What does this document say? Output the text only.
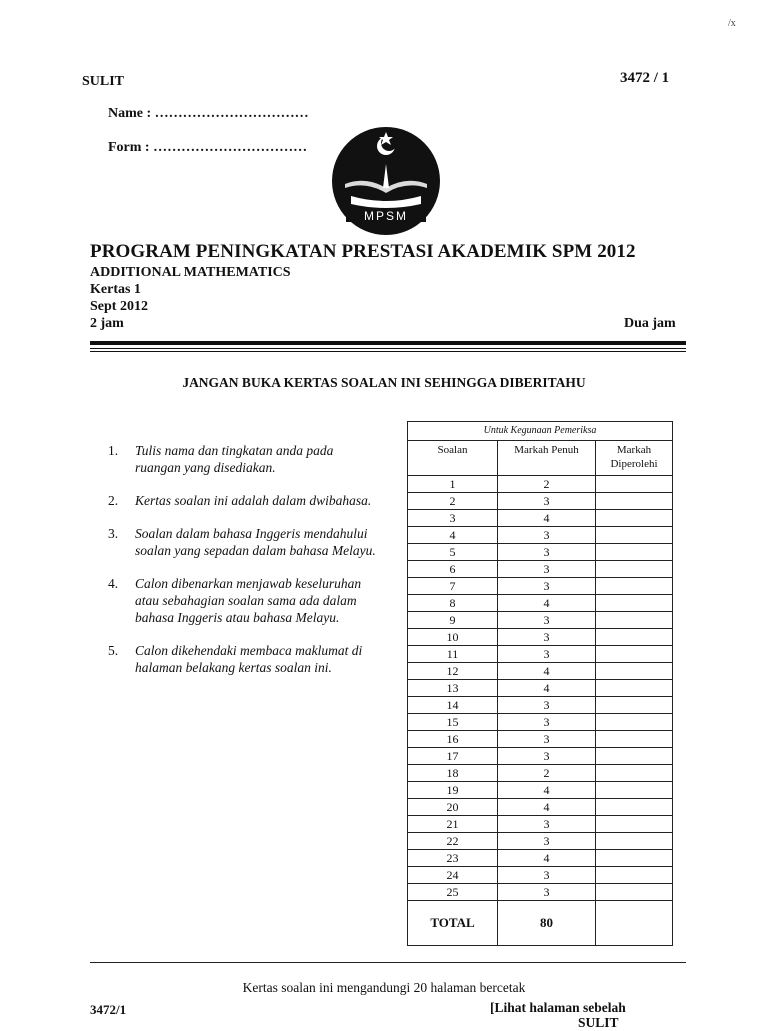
/x
SULIT	3472 / 1
Name : ……………………………
Form : ……………………………
MPSM
PROGRAM PENINGKATAN PRESTASI AKADEMIK SPM 2012
ADDITIONAL MATHEMATICS
Kertas 1
Sept 2012
2 jam	Dua jam
JANGAN BUKA KERTAS SOALAN INI SEHINGGA DIBERITAHU
1. Tulis nama dan tingkatan anda pada ruangan yang disediakan.
2. Kertas soalan ini adalah dalam dwibahasa.
3. Soalan dalam bahasa Inggeris mendahului soalan yang sepadan dalam bahasa Melayu.
4. Calon dibenarkan menjawab keseluruhan atau sebahagian soalan sama ada dalam bahasa Inggeris atau bahasa Melayu.
5. Calon dikehendaki membaca maklumat di halaman belakang kertas soalan ini.
Untuk Kegunaan Pemeriksa		
Soalan	Markah Penuh	Markah Diperolehi
1	2	
2	3	
3	4	
4	3	
5	3	
6	3	
7	3	
8	4	
9	3	
10	3	
11	3	
12	4	
13	4	
14	3	
15	3	
16	3	
17	3	
18	2	
19	4	
20	4	
21	3	
22	3	
23	4	
24	3	
25	3	
TOTAL	80	
Kertas soalan ini mengandungi 20 halaman bercetak
3472/1	[Lihat halaman sebelah
SULIT
